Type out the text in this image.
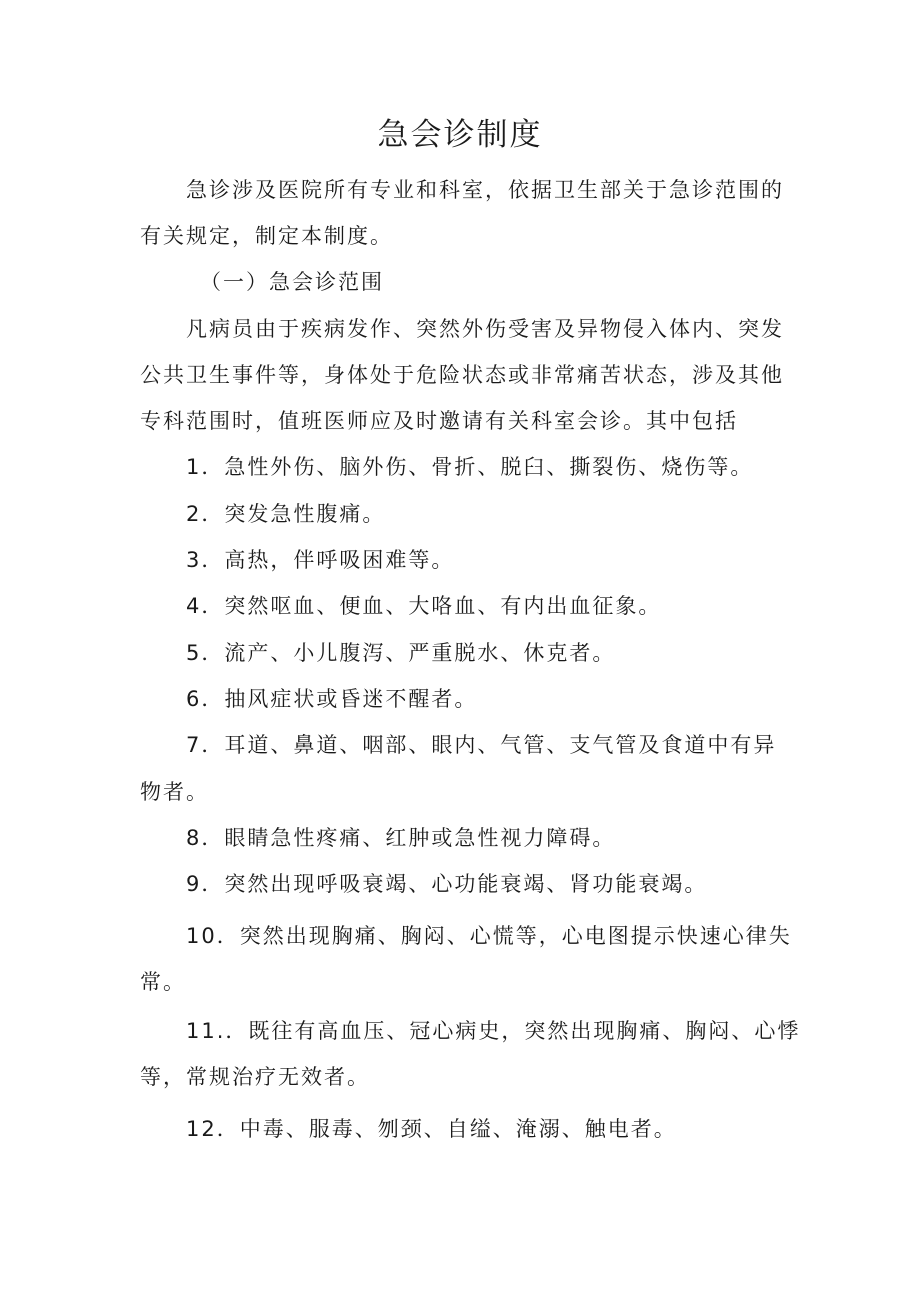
急会诊制度
急诊涉及医院所有专业和科室，依据卫生部关于急诊范围的
有关规定，制定本制度。
（一）急会诊范围
凡病员由于疾病发作、突然外伤受害及异物侵入体内、突发
公共卫生事件等，身体处于危险状态或非常痛苦状态，涉及其他
专科范围时，值班医师应及时邀请有关科室会诊。其中包括
1．急性外伤、脑外伤、骨折、脱臼、撕裂伤、烧伤等。
2．突发急性腹痛。
3．高热，伴呼吸困难等。
4．突然呕血、便血、大咯血、有内出血征象。
5．流产、小儿腹泻、严重脱水、休克者。
6．抽风症状或昏迷不醒者。
7．耳道、鼻道、咽部、眼内、气管、支气管及食道中有异
物者。
8．眼睛急性疼痛、红肿或急性视力障碍。
9．突然出现呼吸衰竭、心功能衰竭、肾功能衰竭。
10．突然出现胸痛、胸闷、心慌等，心电图提示快速心律失
常。
11.．既往有高血压、冠心病史，突然出现胸痛、胸闷、心悸
等，常规治疗无效者。
12．中毒、服毒、刎颈、自缢、淹溺、触电者。
